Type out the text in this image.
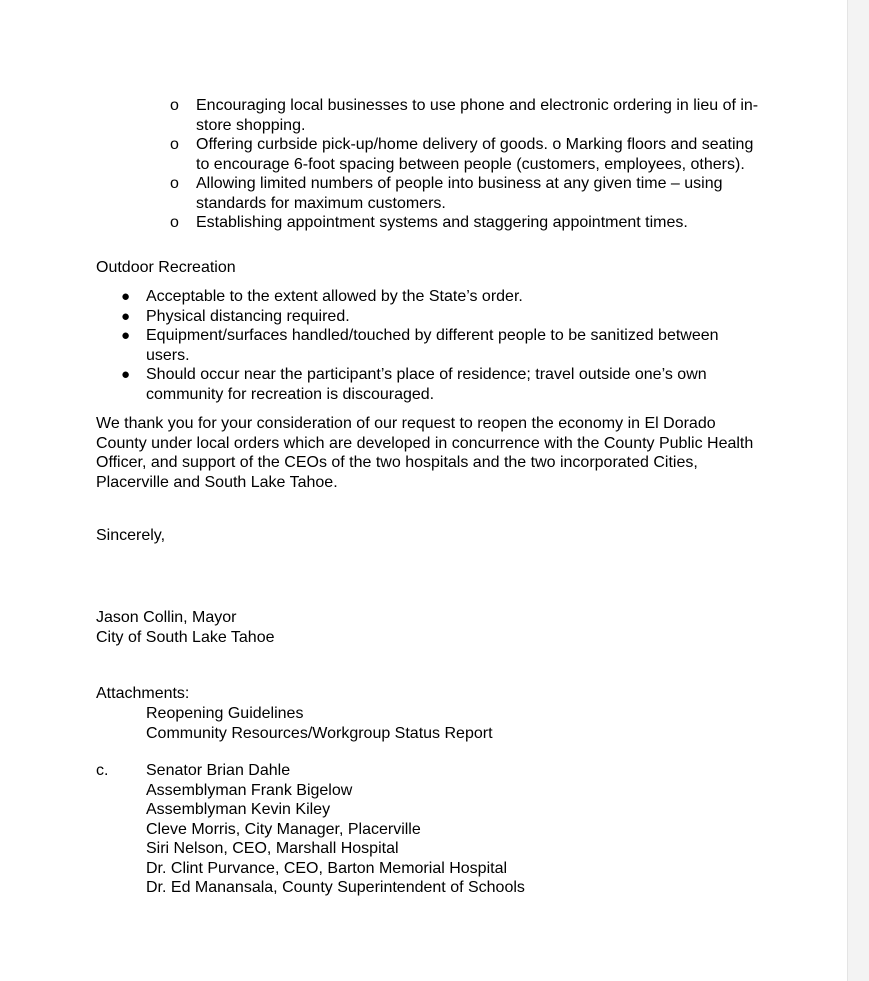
o Encouraging local businesses to use phone and electronic ordering in lieu of in-store shopping.
o Offering curbside pick-up/home delivery of goods. o Marking floors and seating to encourage 6-foot spacing between people (customers, employees, others).
o Allowing limited numbers of people into business at any given time – using standards for maximum customers.
o Establishing appointment systems and staggering appointment times.
Outdoor Recreation
● Acceptable to the extent allowed by the State’s order.
● Physical distancing required.
● Equipment/surfaces handled/touched by different people to be sanitized between users.
● Should occur near the participant’s place of residence; travel outside one’s own community for recreation is discouraged.

We thank you for your consideration of our request to reopen the economy in El Dorado County under local orders which are developed in concurrence with the County Public Health Officer, and support of the CEOs of the two hospitals and the two incorporated Cities, Placerville and South Lake Tahoe.

Sincerely,
Jason Collin, Mayor
City of South Lake Tahoe
Attachments:
Reopening Guidelines
Community Resources/Workgroup Status Report
c. Senator Brian Dahle
Assemblyman Frank Bigelow
Assemblyman Kevin Kiley
Cleve Morris, City Manager, Placerville
Siri Nelson, CEO, Marshall Hospital
Dr. Clint Purvance, CEO, Barton Memorial Hospital
Dr. Ed Manansala, County Superintendent of Schools
